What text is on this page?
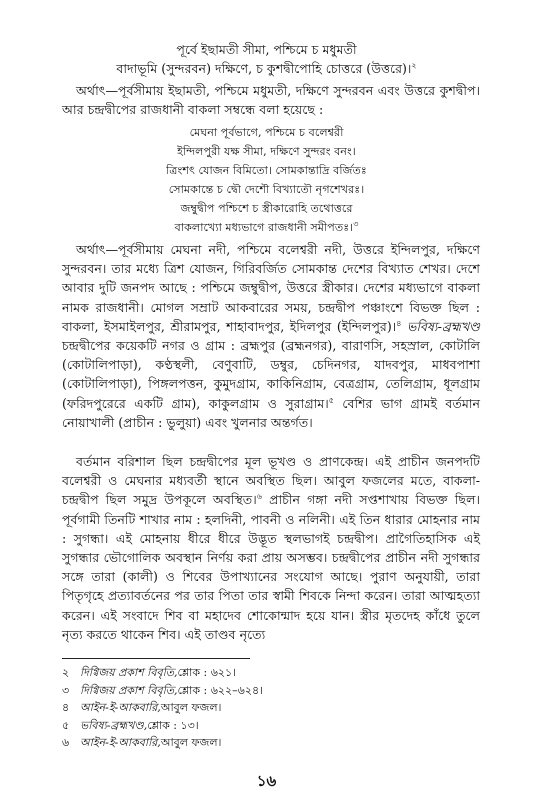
পূর্বে ইছামতী সীমা, পশ্চিমে চ মধুমতী
বাদাভূমি (সুন্দরবন) দক্ষিণে, চ কুশদ্বীপোহি চোত্তরে (উত্তরে)।$^২$

অর্থাৎ—পূর্বসীমায় ইছামতী, পশ্চিমে মধুমতী, দক্ষিণে সুন্দরবন এবং উত্তরে কুশদ্বীপ। আর চন্দ্রদ্বীপের রাজধানী বাকলা সম্বন্ধে বলা হয়েছে :

মেঘনা পূর্বভাগে, পশ্চিমে চ বলেশ্বরী
ইন্দিলপুরী যক্ষ সীমা, দক্ষিণে সুন্দরং বনং।
ত্রিংশৎ যোজন বিমিতো। সোমকান্তাদ্রি বর্জিতঃ
সোমকান্তে চ দ্বৌ দেশৌ বিখ্যাতৌ নৃগশেখরঃ।
জম্বুদ্বীপ পশ্চিশে চ স্ত্রীকারোহি তথোত্তরে
বাকলাখ্যো মধ্যভাগে রাজধানী সমীপতঃ।$^৩$

অর্থাৎ—পূর্বসীমায় মেঘনা নদী, পশ্চিমে বলেশ্বরী নদী, উত্তরে ইন্দিলপুর, দক্ষিণে সুন্দরবন। তার মধ্যে ত্রিশ যোজন, গিরিবর্জিত সোমকান্ত দেশের বিখ্যাত শেখর। দেশে আবার দুটি জনপদ আছে : পশ্চিমে জম্বুদ্বীপ, উত্তরে স্ত্রীকার। দেশের মধ্যভাগে বাকলা নামক রাজধানী। মোগল সম্রাট আকবারের সময়, চন্দ্রদ্বীপ পঞ্চাংশে বিভক্ত ছিল : বাকলা, ইসমাইলপুর, শ্রীরামপুর, শাহাবাদপুর, ইদিলপুর (ইন্দিলপুর)।$^৪$ ভবিষ্য-ব্রহ্মখণ্ড চন্দ্রদ্বীপের কয়েকটি নগর ও গ্রাম : ব্রহ্মপুর (ব্রহ্মনগর), বারাণসি, সহস্রাল, কোটালি (কোটালিপাড়া), কণ্ঠস্থলী, বেণুবাটি, ডম্বুর, চেদিনগর, যাদবপুর, মাধবপাশা (কোটালিপাড়া), পিঙ্গলপত্তন, কুমুদগ্রাম, কাকিনিগ্রাম, বেত্রগ্রাম, তেলিগ্রাম, ধূলগ্রাম (ফরিদপুরেরে একটি গ্রাম), কাকুলগ্রাম ও সুরাগ্রাম।$^৫$ বেশির ভাগ গ্রামই বর্তমান নোয়াখালী (প্রাচীন : ভুলুয়া) এবং খুলনার অন্তর্গত।

বর্তমান বরিশাল ছিল চন্দ্রদ্বীপের মূল ভূখণ্ড ও প্রাণকেন্দ্র। এই প্রাচীন জনপদটি বলেশ্বরী ও মেঘনার মধ্যবর্তী স্থানে অবস্থিত ছিল। আবুল ফজলের মতে, বাকলা-চন্দ্রদ্বীপ ছিল সমুদ্র উপকূলে অবস্থিত।$^৬$ প্রাচীন গঙ্গা নদী সপ্তশাখায় বিভক্ত ছিল। পূর্বগামী তিনটি শাখার নাম : হলদিনী, পাবনী ও নলিনী। এই তিন ধারার মোহনার নাম : সুগন্ধা। এই মোহনায় ধীরে ধীরে উদ্ভূত স্থলভাগই চন্দ্রদ্বীপ। প্রাগৈতিহাসিক এই সুগন্ধার ভৌগোলিক অবস্থান নির্ণয় করা প্রায় অসম্ভব। চন্দ্রদ্বীপের প্রাচীন নদী সুগন্ধার সঙ্গে তারা (কালী) ও শিবের উপাখ্যানের সংযোগ আছে। পুরাণ অনুযায়ী, তারা পিতৃগৃহে প্রত্যাবর্তনের পর তার পিতা তার স্বামী শিবকে নিন্দা করেন। তারা আত্মহত্যা করেন। এই সংবাদে শিব বা মহাদেব শোকোন্মাদ হয়ে যান। স্ত্রীর মৃতদেহ কাঁধে তুলে নৃত্য করতে থাকেন শিব। এই তাণ্ডব নৃত্যে

২ দিগ্বিজয় প্রকাশ বিবৃতি, শ্লোক : ৬২১।
৩ দিগ্বিজয় প্রকাশ বিবৃতি, শ্লোক : ৬২২–৬২৪।
৪ আইন-ই-আকবারি, আবুল ফজল।
৫ ভবিষ্য-ব্রহ্মখণ্ড, শ্লোক : ১৩।
৬ আইন-ই-আকবারি, আবুল ফজল।
১৬
